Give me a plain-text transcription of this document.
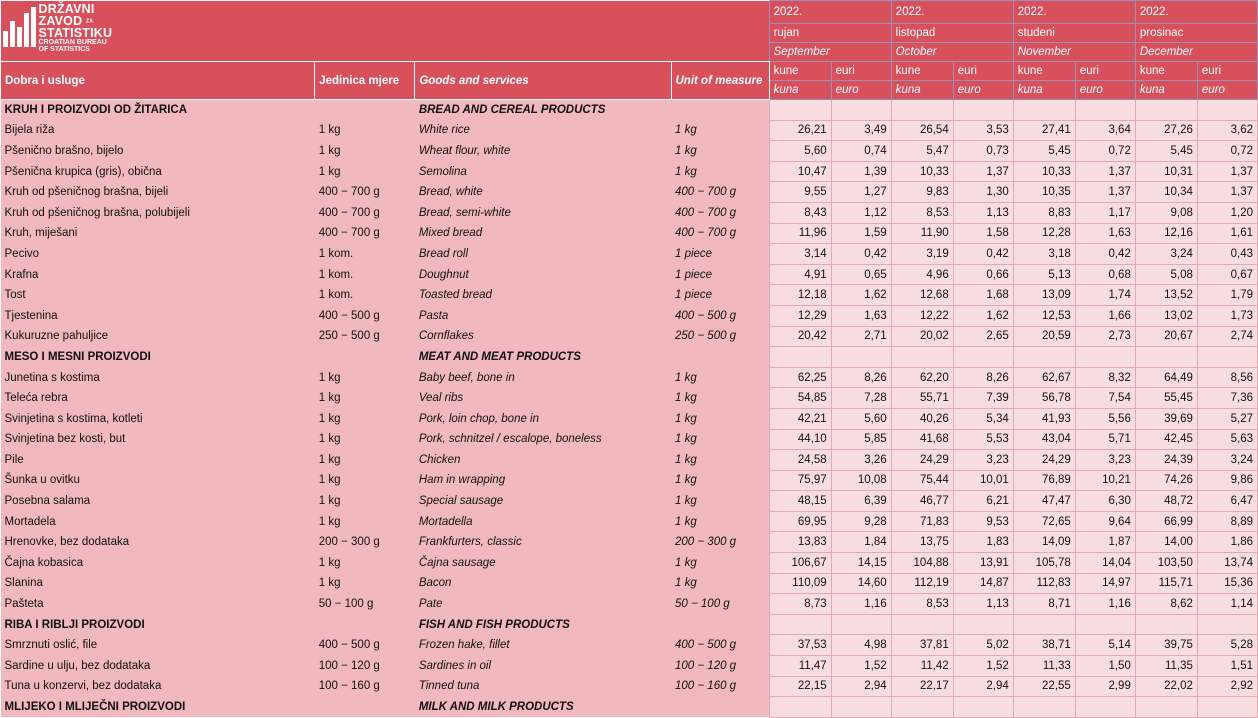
DRŽAVNI
ZAVOD ZA
STATISTIKU
CROATIAN BUREAU
OF STATISTICS				2022.		2022.		2022.		2022.	
				rujan		listopad		studeni		prosinac	
				September		October		November		December	
Dobra i usluge	Jedinica mjere	Goods and services	Unit of measure	kune	euri	kune	euri	kune	euri	kune	euri
				kuna	euro	kuna	euro	kuna	euro	kuna	euro
KRUH I PROIZVODI OD ŽITARICA		BREAD AND CEREAL PRODUCTS									
Bijela riža	1 kg	White rice	1 kg	26,21	3,49	26,54	3,53	27,41	3,64	27,26	3,62
Pšenično brašno, bijelo	1 kg	Wheat flour, white	1 kg	5,60	0,74	5,47	0,73	5,45	0,72	5,45	0,72
Pšenična krupica (gris), obična	1 kg	Semolina	1 kg	10,47	1,39	10,33	1,37	10,33	1,37	10,31	1,37
Kruh od pšeničnog brašna, bijeli	400 − 700 g	Bread, white	400 − 700 g	9,55	1,27	9,83	1,30	10,35	1,37	10,34	1,37
Kruh od pšeničnog brašna, polubijeli	400 − 700 g	Bread, semi-white	400 − 700 g	8,43	1,12	8,53	1,13	8,83	1,17	9,08	1,20
Kruh, miješani	400 − 700 g	Mixed bread	400 − 700 g	11,96	1,59	11,90	1,58	12,28	1,63	12,16	1,61
Pecivo	1 kom.	Bread roll	1 piece	3,14	0,42	3,19	0,42	3,18	0,42	3,24	0,43
Krafna	1 kom.	Doughnut	1 piece	4,91	0,65	4,96	0,66	5,13	0,68	5,08	0,67
Tost	1 kom.	Toasted bread	1 piece	12,18	1,62	12,68	1,68	13,09	1,74	13,52	1,79
Tjestenina	400 − 500 g	Pasta	400 − 500 g	12,29	1,63	12,22	1,62	12,53	1,66	13,02	1,73
Kukuruzne pahuljice	250 − 500 g	Cornflakes	250 − 500 g	20,42	2,71	20,02	2,65	20,59	2,73	20,67	2,74
MESO I MESNI PROIZVODI		MEAT AND MEAT PRODUCTS									
Junetina s kostima	1 kg	Baby beef, bone in	1 kg	62,25	8,26	62,20	8,26	62,67	8,32	64,49	8,56
Teleća rebra	1 kg	Veal ribs	1 kg	54,85	7,28	55,71	7,39	56,78	7,54	55,45	7,36
Svinjetina s kostima, kotleti	1 kg	Pork, loin chop, bone in	1 kg	42,21	5,60	40,26	5,34	41,93	5,56	39,69	5,27
Svinjetina bez kosti, but	1 kg	Pork, schnitzel / escalope, boneless	1 kg	44,10	5,85	41,68	5,53	43,04	5,71	42,45	5,63
Pile	1 kg	Chicken	1 kg	24,58	3,26	24,29	3,23	24,29	3,23	24,39	3,24
Šunka u ovitku	1 kg	Ham in wrapping	1 kg	75,97	10,08	75,44	10,01	76,89	10,21	74,26	9,86
Posebna salama	1 kg	Special sausage	1 kg	48,15	6,39	46,77	6,21	47,47	6,30	48,72	6,47
Mortadela	1 kg	Mortadella	1 kg	69,95	9,28	71,83	9,53	72,65	9,64	66,99	8,89
Hrenovke, bez dodataka	200 − 300 g	Frankfurters, classic	200 − 300 g	13,83	1,84	13,75	1,83	14,09	1,87	14,00	1,86
Čajna kobasica	1 kg	Čajna sausage	1 kg	106,67	14,15	104,88	13,91	105,78	14,04	103,50	13,74
Slanina	1 kg	Bacon	1 kg	110,09	14,60	112,19	14,87	112,83	14,97	115,71	15,36
Pašteta	50 − 100 g	Pate	50 − 100 g	8,73	1,16	8,53	1,13	8,71	1,16	8,62	1,14
RIBA I RIBLJI PROIZVODI		FISH AND FISH PRODUCTS									
Smrznuti oslić, file	400 − 500 g	Frozen hake, fillet	400 − 500 g	37,53	4,98	37,81	5,02	38,71	5,14	39,75	5,28
Sardine u ulju, bez dodataka	100 − 120 g	Sardines in oil	100 − 120 g	11,47	1,52	11,42	1,52	11,33	1,50	11,35	1,51
Tuna u konzervi, bez dodataka	100 − 160 g	Tinned tuna	100 − 160 g	22,15	2,94	22,17	2,94	22,55	2,99	22,02	2,92
MLIJEKO I MLIJEČNI PROIZVODI		MILK AND MILK PRODUCTS									
